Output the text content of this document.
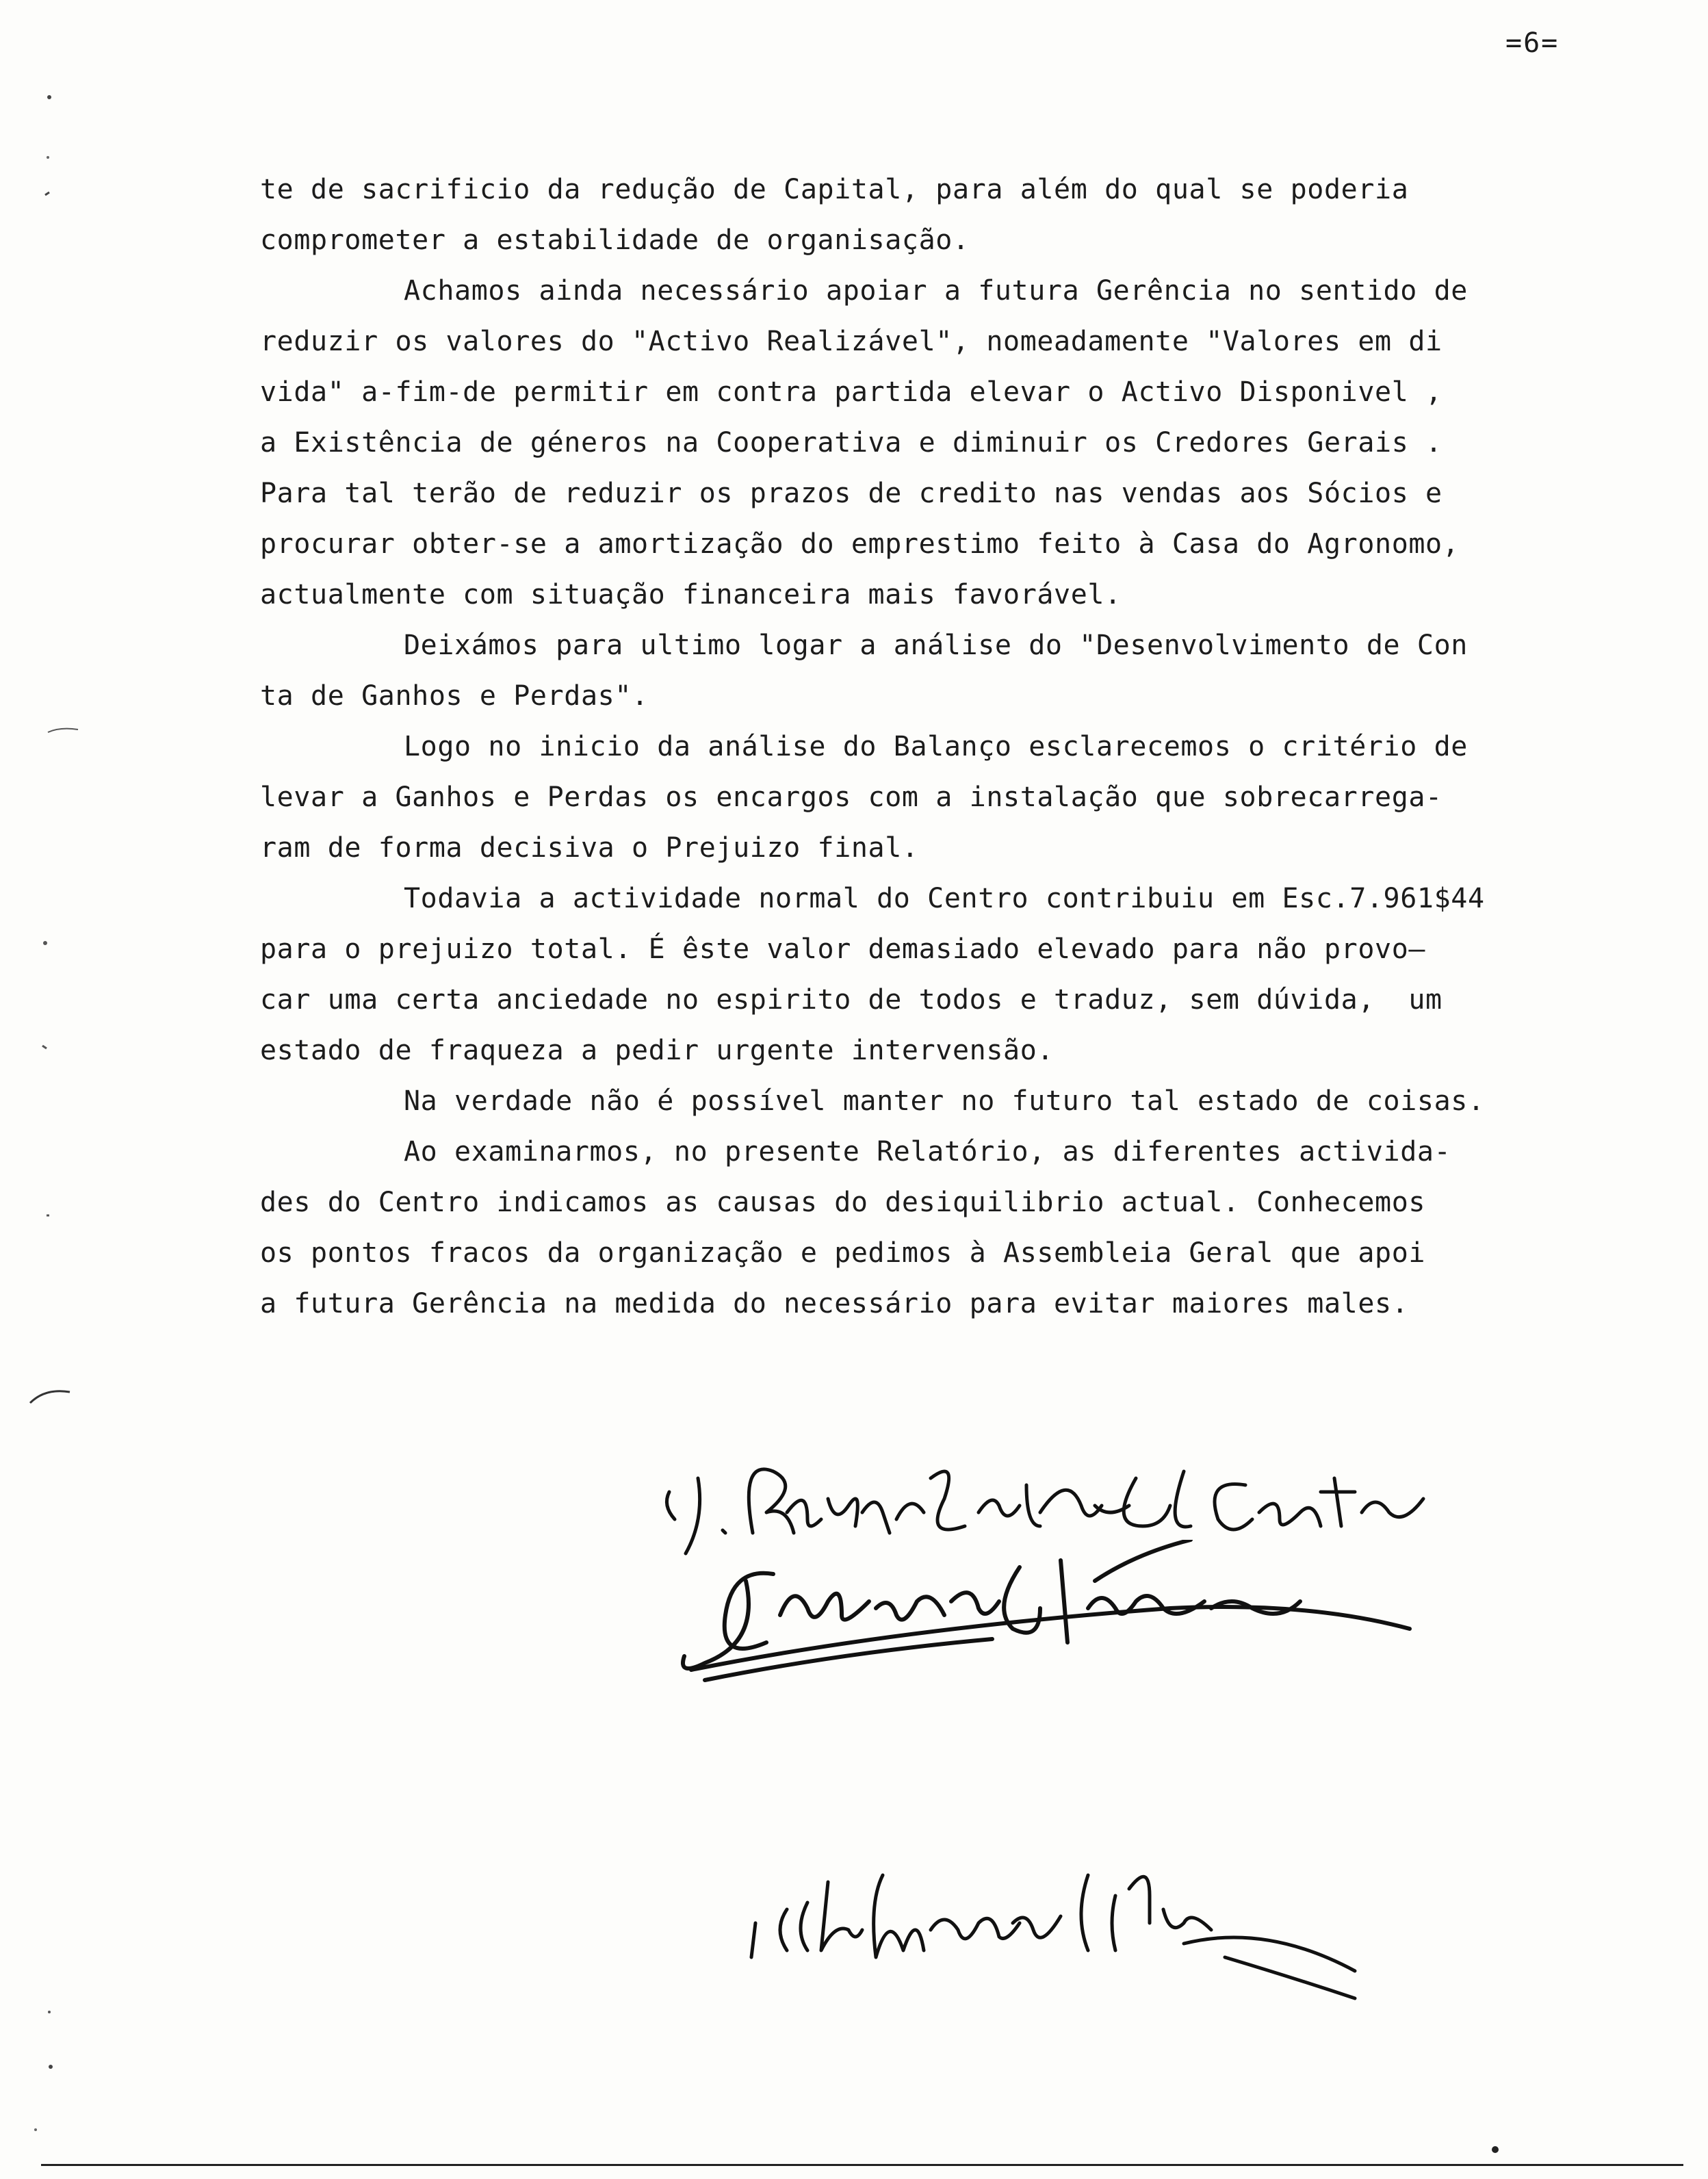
=6=
te de sacrificio da redução de Capital, para além do qual se poderia
comprometer a estabilidade de organisação.
Achamos ainda necessário apoiar a futura Gerência no sentido de
reduzir os valores do "Activo Realizável", nomeadamente "Valores em di
vida" a-fim-de permitir em contra partida elevar o Activo Disponivel ,
a Existência de géneros na Cooperativa e diminuir os Credores Gerais .
Para tal terão de reduzir os prazos de credito nas vendas aos Sócios e
procurar obter-se a amortização do emprestimo feito à Casa do Agronomo,
actualmente com situação financeira mais favorável.
Deixámos para ultimo logar a análise do "Desenvolvimento de Con
ta de Ganhos e Perdas".
Logo no inicio da análise do Balanço esclarecemos o critério de
levar a Ganhos e Perdas os encargos com a instalação que sobrecarrega-
ram de forma decisiva o Prejuizo final.
Todavia a actividade normal do Centro contribuiu em Esc.7.961$44
para o prejuizo total. É êste valor demasiado elevado para não provo—
car uma certa anciedade no espirito de todos e traduz, sem dúvida,  um
estado de fraqueza a pedir urgente intervensão.
Na verdade não é possível manter no futuro tal estado de coisas.
Ao examinarmos, no presente Relatório, as diferentes activida-
des do Centro indicamos as causas do desiquilibrio actual. Conhecemos
os pontos fracos da organização e pedimos à Assembleia Geral que apoi
a futura Gerência na medida do necessário para evitar maiores males.
